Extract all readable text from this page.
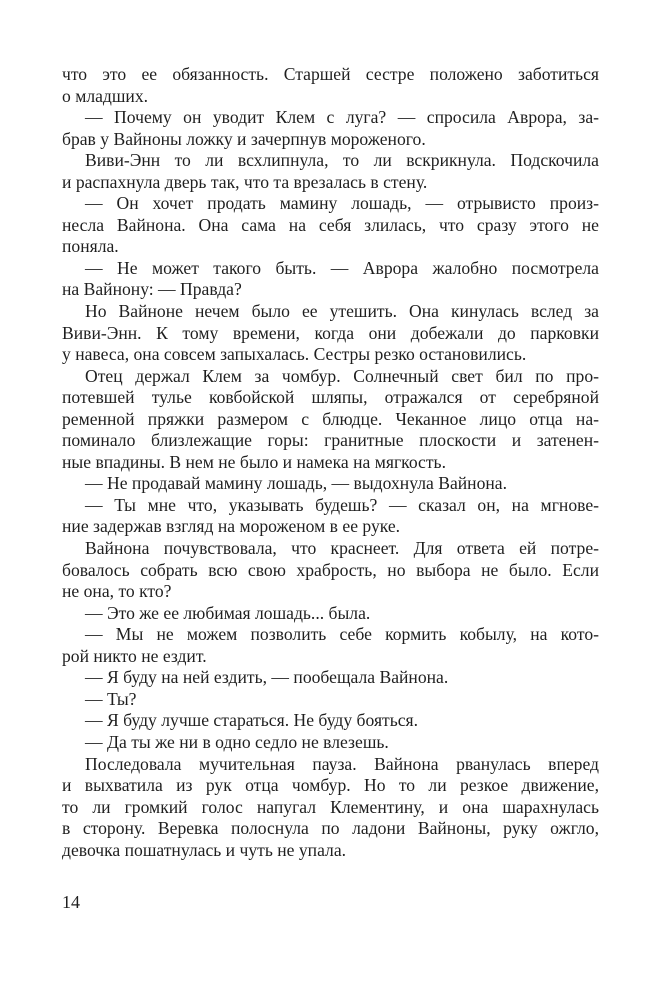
что это ее обязанность. Старшей сестре положено заботиться
о младших.
— Почему он уводит Клем с луга? — спросила Аврора, за-
брав у Вайноны ложку и зачерпнув мороженого.
Виви-Энн то ли всхлипнула, то ли вскрикнула. Подскочила
и распахнула дверь так, что та врезалась в стену.
— Он хочет продать мамину лошадь, — отрывисто произ-
несла Вайнона. Она сама на себя злилась, что сразу этого не
поняла.
— Не может такого быть. — Аврора жалобно посмотрела
на Вайнону: — Правда?
Но Вайноне нечем было ее утешить. Она кинулась вслед за
Виви-Энн. К тому времени, когда они добежали до парковки
у навеса, она совсем запыхалась. Сестры резко остановились.
Отец держал Клем за чомбур. Солнечный свет бил по про-
потевшей тулье ковбойской шляпы, отражался от серебряной
ременной пряжки размером с блюдце. Чеканное лицо отца на-
поминало близлежащие горы: гранитные плоскости и затенен-
ные впадины. В нем не было и намека на мягкость.
— Не продавай мамину лошадь, — выдохнула Вайнона.
— Ты мне что, указывать будешь? — сказал он, на мгнове-
ние задержав взгляд на мороженом в ее руке.
Вайнона почувствовала, что краснеет. Для ответа ей потре-
бовалось собрать всю свою храбрость, но выбора не было. Если
не она, то кто?
— Это же ее любимая лошадь... была.
— Мы не можем позволить себе кормить кобылу, на кото-
рой никто не ездит.
— Я буду на ней ездить, — пообещала Вайнона.
— Ты?
— Я буду лучше стараться. Не буду бояться.
— Да ты же ни в одно седло не влезешь.
Последовала мучительная пауза. Вайнона рванулась вперед
и выхватила из рук отца чомбур. Но то ли резкое движение,
то ли громкий голос напугал Клементину, и она шарахнулась
в сторону. Веревка полоснула по ладони Вайноны, руку ожгло,
девочка пошатнулась и чуть не упала.
14
